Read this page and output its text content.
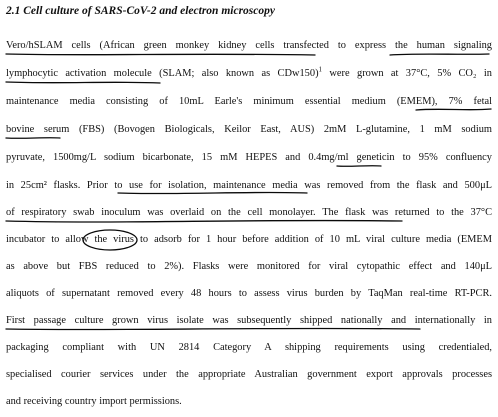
2.1 Cell culture of SARS-CoV-2 and electron microscopy
Vero/hSLAM cells (African green monkey kidney cells transfected to express the human signaling
lymphocytic activation molecule (SLAM; also known as CDw150)$^1$ were grown at 37°C, 5% CO₂ in
maintenance media consisting of 10mL Earle's minimum essential medium (EMEM), 7% fetal
bovine serum (FBS) (Bovogen Biologicals, Keilor East, AUS) 2mM L-glutamine, 1 mM sodium
pyruvate, 1500mg/L sodium bicarbonate, 15 mM HEPES and 0.4mg/ml geneticin to 95% confluency
in 25cm² flasks. Prior to use for isolation, maintenance media was removed from the flask and 500μL
of respiratory swab inoculum was overlaid on the cell monolayer. The flask was returned to the 37°C
incubator to allow the virus to adsorb for 1 hour before addition of 10 mL viral culture media (EMEM
as above but FBS reduced to 2%). Flasks were monitored for viral cytopathic effect and 140μL
aliquots of supernatant removed every 48 hours to assess virus burden by TaqMan real-time RT-PCR.
First passage culture grown virus isolate was subsequently shipped nationally and internationally in
packaging compliant with UN 2814 Category A shipping requirements using credentialed,
specialised courier services under the appropriate Australian government export approvals processes
and receiving country import permissions.
